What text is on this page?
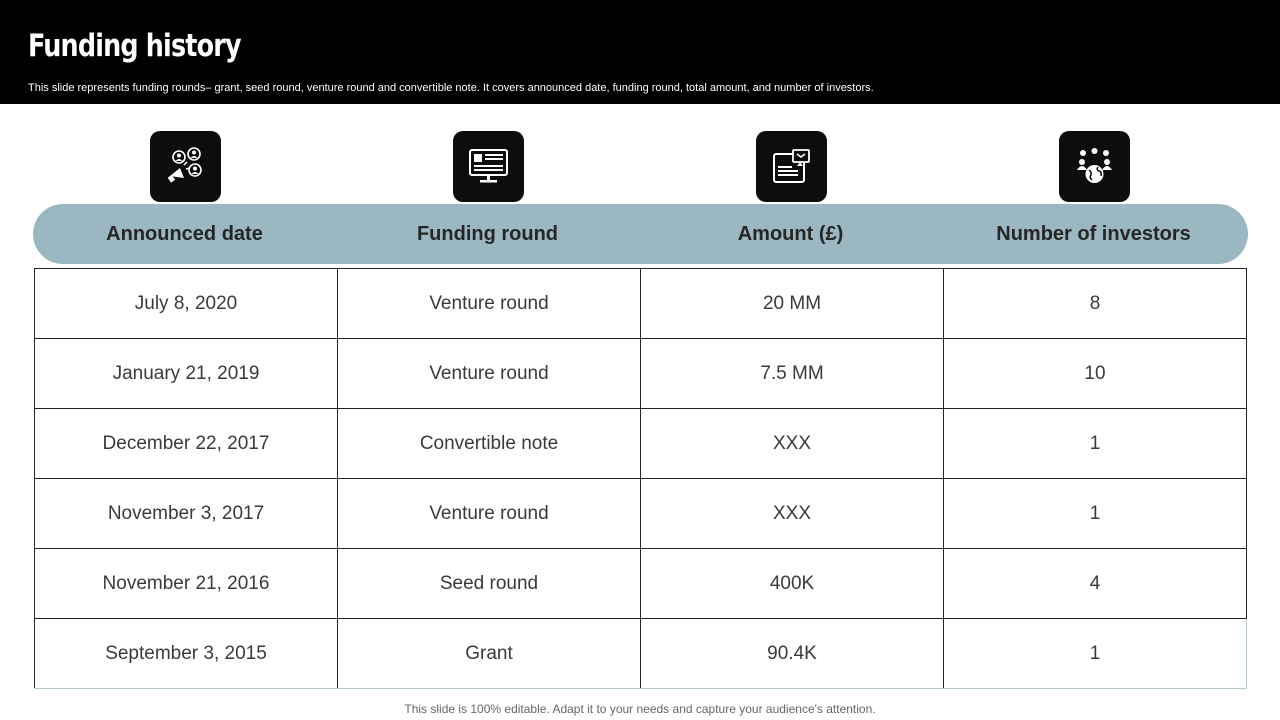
Funding history
This slide represents funding rounds– grant, seed round, venture round and convertible note. It covers announced date, funding round, total amount, and number of investors.
Announced date	Funding round	Amount (£)	Number of investors
July 8, 2020	Venture round	20 MM	8
January 21, 2019	Venture round	7.5 MM	10
December 22, 2017	Convertible note	XXX	1
November 3, 2017	Venture round	XXX	1
November 21, 2016	Seed round	400K	4
September 3, 2015	Grant	90.4K	1
This slide is 100% editable. Adapt it to your needs and capture your audience's attention.
